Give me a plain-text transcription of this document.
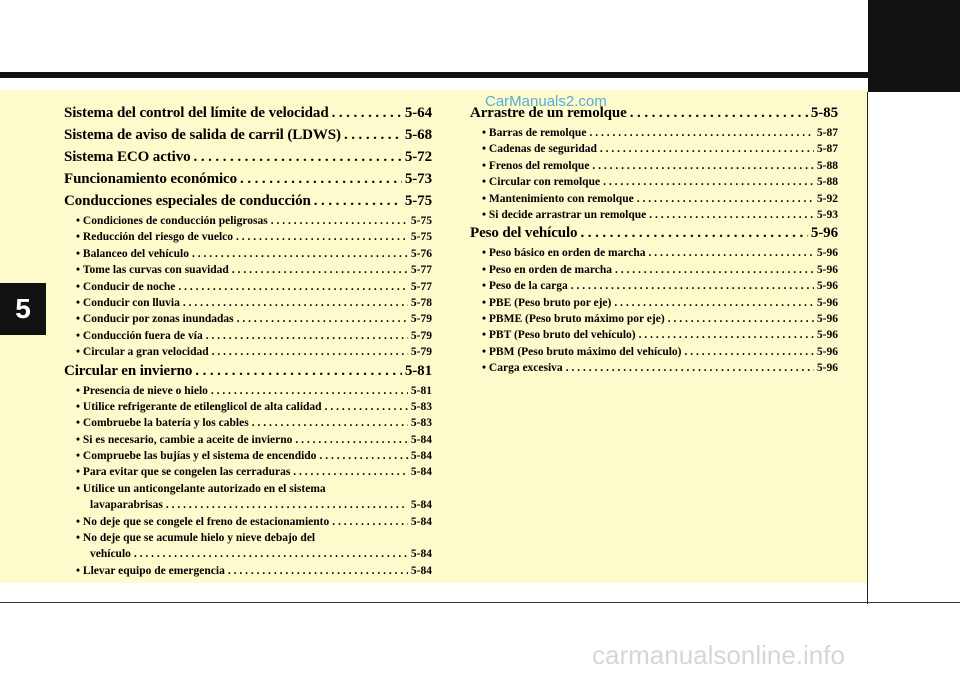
5
Sistema del control del límite de velocidad . . .	5-64
Sistema de aviso de salida de carril (LDWS) . . .	5-68
Sistema ECO activo . . .	5-72
Funcionamiento económico . . .	5-73
Conducciones especiales de conducción . . .	5-75
• Condiciones de conducción peligrosas . . .	5-75
• Reducción del riesgo de vuelco . . .	5-75
• Balanceo del vehículo . . .	5-76
• Tome las curvas con suavidad . . .	5-77
• Conducir de noche . . .	5-77
• Conducir con lluvia . . .	5-78
• Conducir por zonas inundadas . . .	5-79
• Conducción fuera de vía . . .	5-79
• Circular a gran velocidad . . .	5-79
Circular en invierno . . .	5-81
• Presencia de nieve o hielo . . .	5-81
• Utilice refrigerante de etilenglicol de alta calidad . . .	5-83
• Combruebe la batería y los cables . . .	5-83
• Si es necesario, cambie a aceite de invierno . . .	5-84
• Compruebe las bujías y el sistema de encendido . . .	5-84
• Para evitar que se congelen las cerraduras . . .	5-84
• Utilice un anticongelante autorizado en el sistema
lavaparabrisas . . .	5-84
• No deje que se congele el freno de estacionamiento . . .	5-84
• No deje que se acumule hielo y nieve debajo del
vehículo . . .	5-84
• Llevar equipo de emergencia . . .	5-84
Arrastre de un remolque . . .	5-85
• Barras de remolque . . .	5-87
• Cadenas de seguridad . . .	5-87
• Frenos del remolque . . .	5-88
• Circular con remolque . . .	5-88
• Mantenimiento con remolque . . .	5-92
• Si decide arrastrar un remolque . . .	5-93
Peso del vehículo . . .	5-96
• Peso básico en orden de marcha . . .	5-96
• Peso en orden de marcha . . .	5-96
• Peso de la carga . . .	5-96
• PBE (Peso bruto por eje) . . .	5-96
• PBME (Peso bruto máximo por eje) . . .	5-96
• PBT (Peso bruto del vehículo) . . .	5-96
• PBM (Peso bruto máximo del vehículo) . . .	5-96
• Carga excesiva . . .	5-96
CarManuals2.com
carmanualsonline.info
